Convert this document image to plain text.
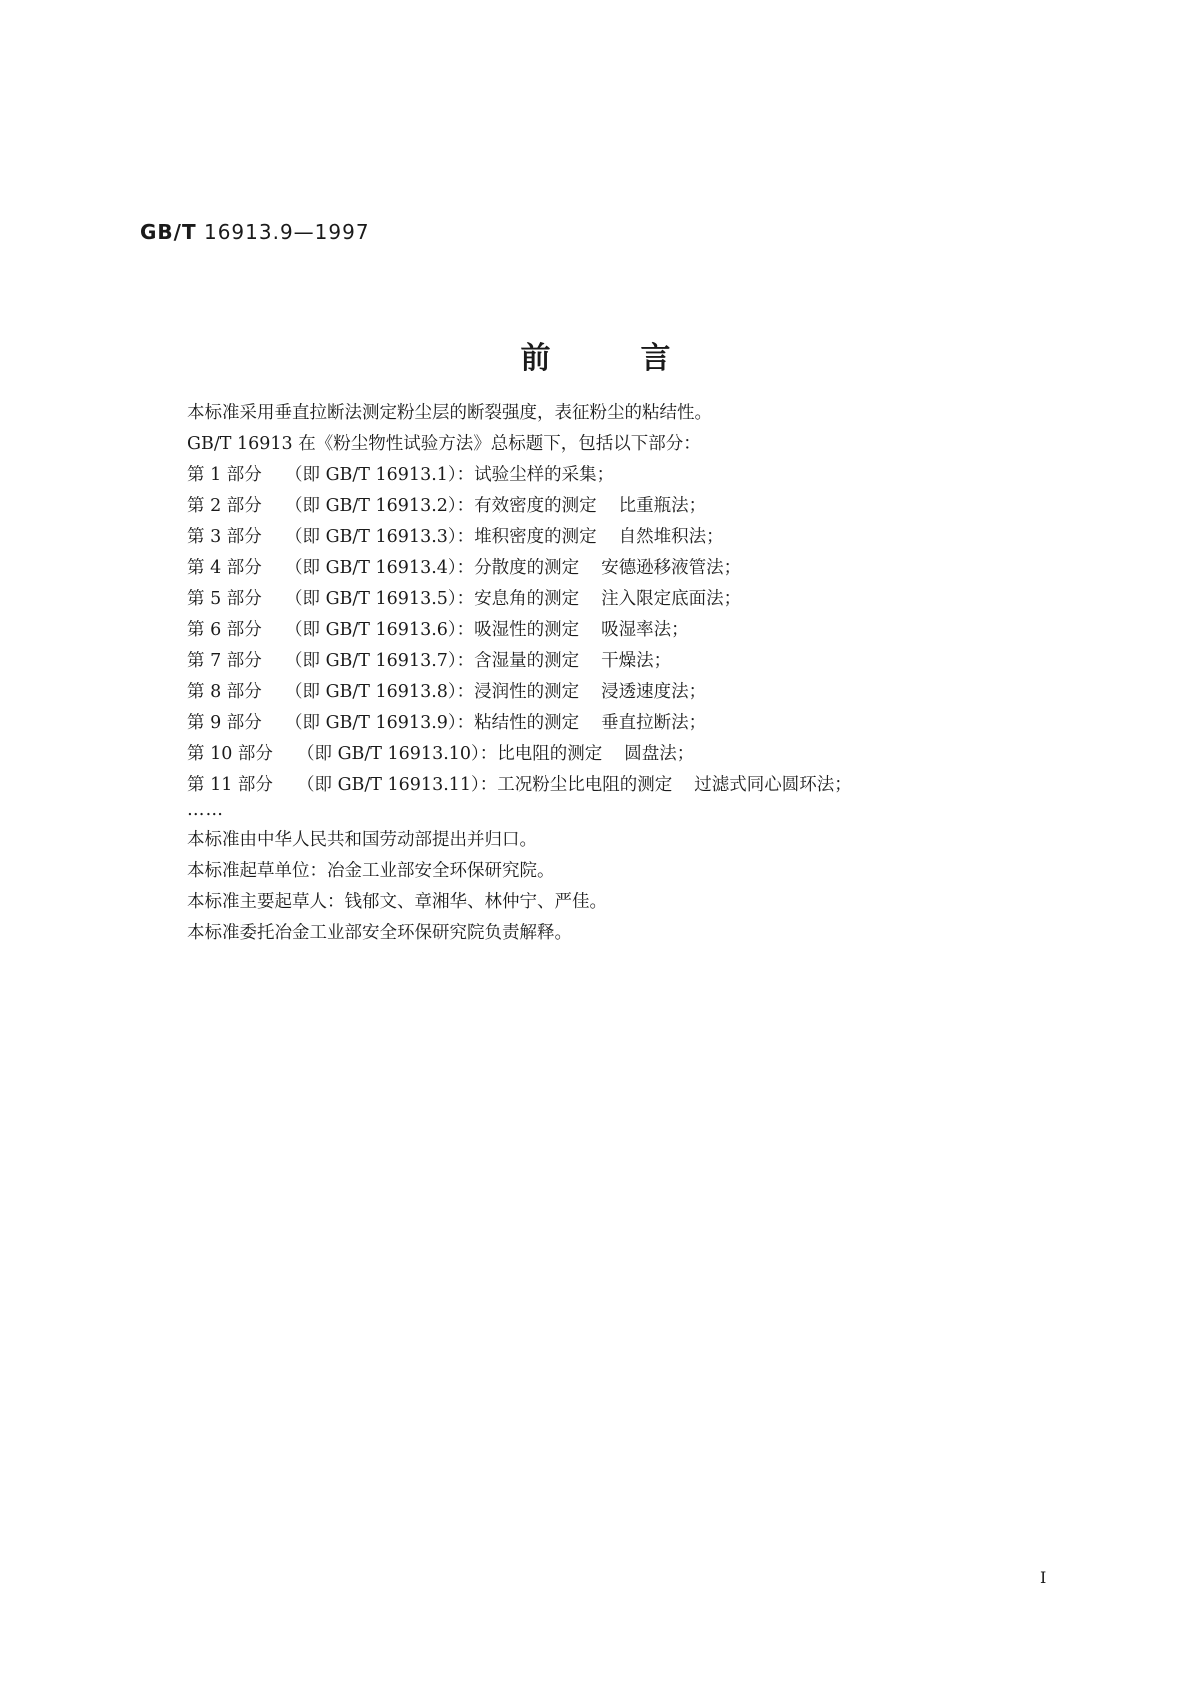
GB/T 16913.9—1997
前言
本标准采用垂直拉断法测定粉尘层的断裂强度，表征粉尘的粘结性。
GB/T 16913 在《粉尘物性试验方法》总标题下，包括以下部分：
第 1 部分 （即 GB/T 16913.1）：试验尘样的采集；
第 2 部分 （即 GB/T 16913.2）：有效密度的测定 比重瓶法；
第 3 部分 （即 GB/T 16913.3）：堆积密度的测定 自然堆积法；
第 4 部分 （即 GB/T 16913.4）：分散度的测定 安德逊移液管法；
第 5 部分 （即 GB/T 16913.5）：安息角的测定 注入限定底面法；
第 6 部分 （即 GB/T 16913.6）：吸湿性的测定 吸湿率法；
第 7 部分 （即 GB/T 16913.7）：含湿量的测定 干燥法；
第 8 部分 （即 GB/T 16913.8）：浸润性的测定 浸透速度法；
第 9 部分 （即 GB/T 16913.9）：粘结性的测定 垂直拉断法；
第 10 部分 （即 GB/T 16913.10）：比电阻的测定 圆盘法；
第 11 部分 （即 GB/T 16913.11）：工况粉尘比电阻的测定 过滤式同心圆环法；
……
本标准由中华人民共和国劳动部提出并归口。
本标准起草单位：冶金工业部安全环保研究院。
本标准主要起草人：钱郁文、章湘华、林仲宁、严佳。
本标准委托冶金工业部安全环保研究院负责解释。
I
